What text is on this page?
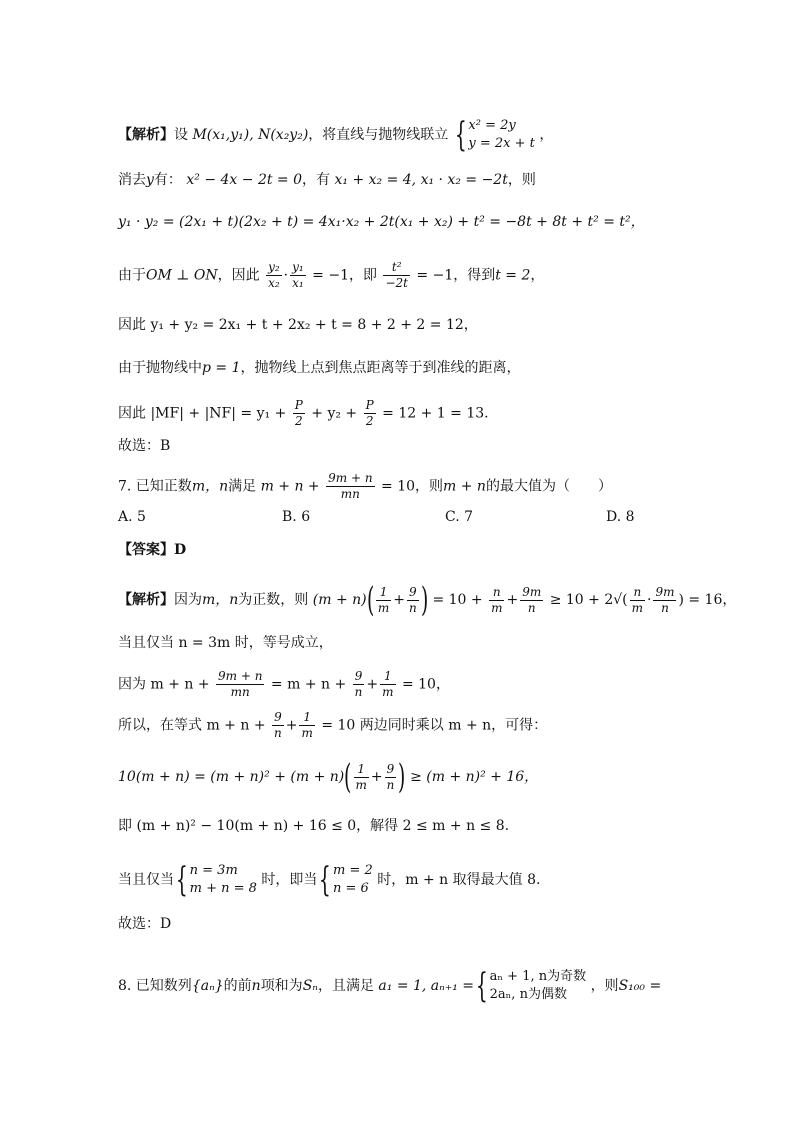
【解析】设 M(x₁,y₁), N(x₂y₂)，将直线与抛物线联立 { x² = 2y
y = 2x + t
，
消去y有： x² − 4x − 2t = 0，有 x₁ + x₂ = 4, x₁ · x₂ = −2t，则
y₁ · y₂ = (2x₁ + t)(2x₂ + t) = 4x₁·x₂ + 2t(x₁ + x₂) + t² = −8t + 8t + t² = t²，
由于OM ⊥ ON，因此 $\frac{\text{y₂}}{\text{x₂}} \cdot \frac{\text{y₁}}{\text{x₁}} = -1$，即 $\frac{\text{t²}}{-2t} = -1$，得到t = 2，
因此 y₁ + y₂ = 2x₁ + t + 2x₂ + t = 8 + 2 + 2 = 12，
由于抛物线中p = 1，抛物线上点到焦点距离等于到准线的距离，
因此 $|MF| + |NF| = y_1 + \frac{P}{2} + y_2 + \frac{P}{2} = 12 + 1 = 13$.
故选：B
7. 已知正数m，n满足 $m + n + \frac{9m + n}{mn} = 10$，则m + n的最大值为（　　）
A. 5	B. 6	C. 7	D. 8
【答案】D
【解析】因为m，n为正数，则 $(m + n)( \frac{1}{m} + \frac{9}{n}$ ) = $10 + \frac{n}{m} + \frac{9m}{n} \ge 10 + 2√( \frac{n}{m} \cdot \frac{9m}{n}$ ) = 16，
当且仅当 n = 3m 时，等号成立，
因为 $m + n + \frac{9m + n}{mn} = m + n + \frac{9}{n} + \frac{1}{m} = 10$，
所以，在等式 $m + n + \frac{9}{n} + \frac{1}{m} = 10$ 两边同时乘以 m + n，可得：
$10(m + n) = (m + n)^2 + (m + n)( \frac{1}{m} + \frac{9}{n}$ ) ≥ (m + n)² + 16，
即 (m + n)² − 10(m + n) + 16 ≤ 0，解得 2 ≤ m + n ≤ 8.
当且仅当{ n = 3m
m + n = 8
时，即当{ m = 2
n = 6
时，m + n 取得最大值 8.
故选：D
8. 已知数列{aₙ}的前n项和为Sₙ，且满足 a₁ = 1, aₙ₊₁ ={ aₙ + 1, n为奇数
2aₙ, n为偶数
，则S₁₀₀ =
